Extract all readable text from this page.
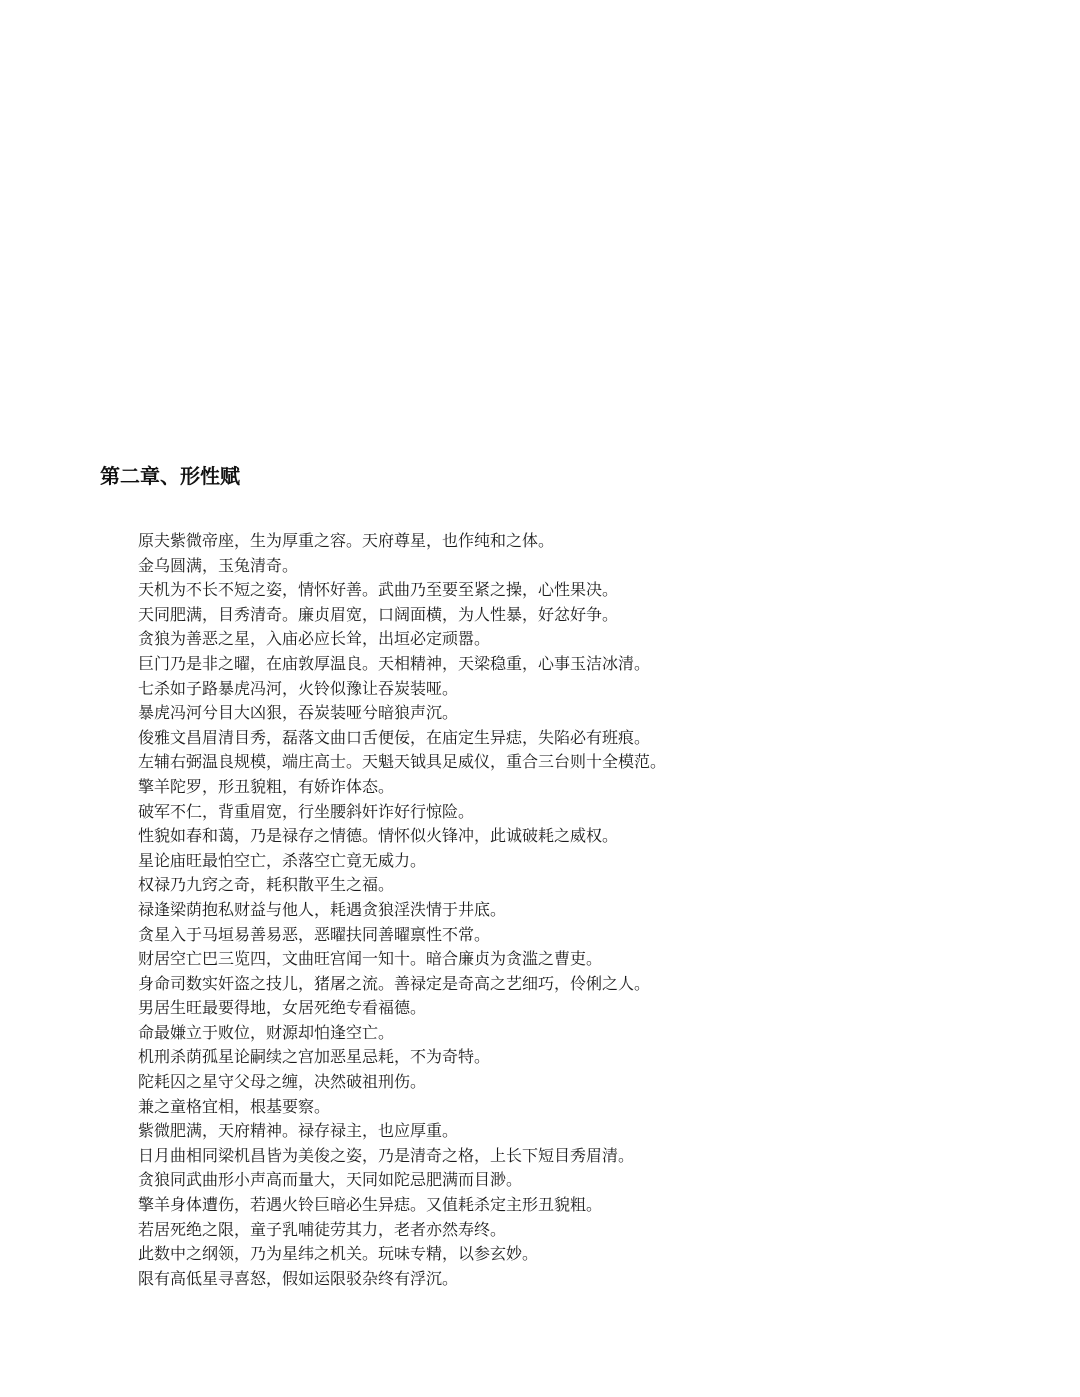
第二章、形性赋
原夫紫微帝座，生为厚重之容。天府尊星，也作纯和之体。
金乌圆满，玉兔清奇。
天机为不长不短之姿，情怀好善。武曲乃至要至紧之操，心性果决。
天同肥满，目秀清奇。廉贞眉宽，口阔面横，为人性暴，好忿好争。
贪狼为善恶之星，入庙必应长耸，出垣必定顽嚣。
巨门乃是非之曜，在庙敦厚温良。天相精神，天梁稳重，心事玉洁冰清。
七杀如子路暴虎冯河，火铃似豫让吞炭装哑。
暴虎冯河兮目大凶狠，吞炭装哑兮暗狼声沉。
俊雅文昌眉清目秀，磊落文曲口舌便佞，在庙定生异痣，失陷必有班痕。
左辅右弼温良规模，端庄高士。天魁天钺具足威仪，重合三台则十全模范。
擎羊陀罗，形丑貌粗，有娇诈体态。
破军不仁，背重眉宽，行坐腰斜奸诈好行惊险。
性貌如春和蔼，乃是禄存之情德。情怀似火锋冲，此诚破耗之威权。
星论庙旺最怕空亡，杀落空亡竟无威力。
权禄乃九窍之奇，耗积散平生之福。
禄逢梁荫抱私财益与他人，耗遇贪狼淫泆情于井底。
贪星入于马垣易善易恶，恶曜扶同善曜禀性不常。
财居空亡巴三览四，文曲旺宫闻一知十。暗合廉贞为贪滥之曹吏。
身命司数实奸盗之技儿，猪屠之流。善禄定是奇高之艺细巧，伶俐之人。
男居生旺最要得地，女居死绝专看福德。
命最嫌立于败位，财源却怕逢空亡。
机刑杀荫孤星论嗣续之宫加恶星忌耗，不为奇特。
陀耗囚之星守父母之缠，决然破祖刑伤。
兼之童格宜相，根基要察。
紫微肥满，天府精神。禄存禄主，也应厚重。
日月曲相同梁机昌皆为美俊之姿，乃是清奇之格，上长下短目秀眉清。
贪狼同武曲形小声高而量大，天同如陀忌肥满而目渺。
擎羊身体遭伤，若遇火铃巨暗必生异痣。又值耗杀定主形丑貌粗。
若居死绝之限，童子乳哺徒劳其力，老者亦然寿终。
此数中之纲领，乃为星纬之机关。玩味专精，以参玄妙。
限有高低星寻喜怒，假如运限驳杂终有浮沉。
